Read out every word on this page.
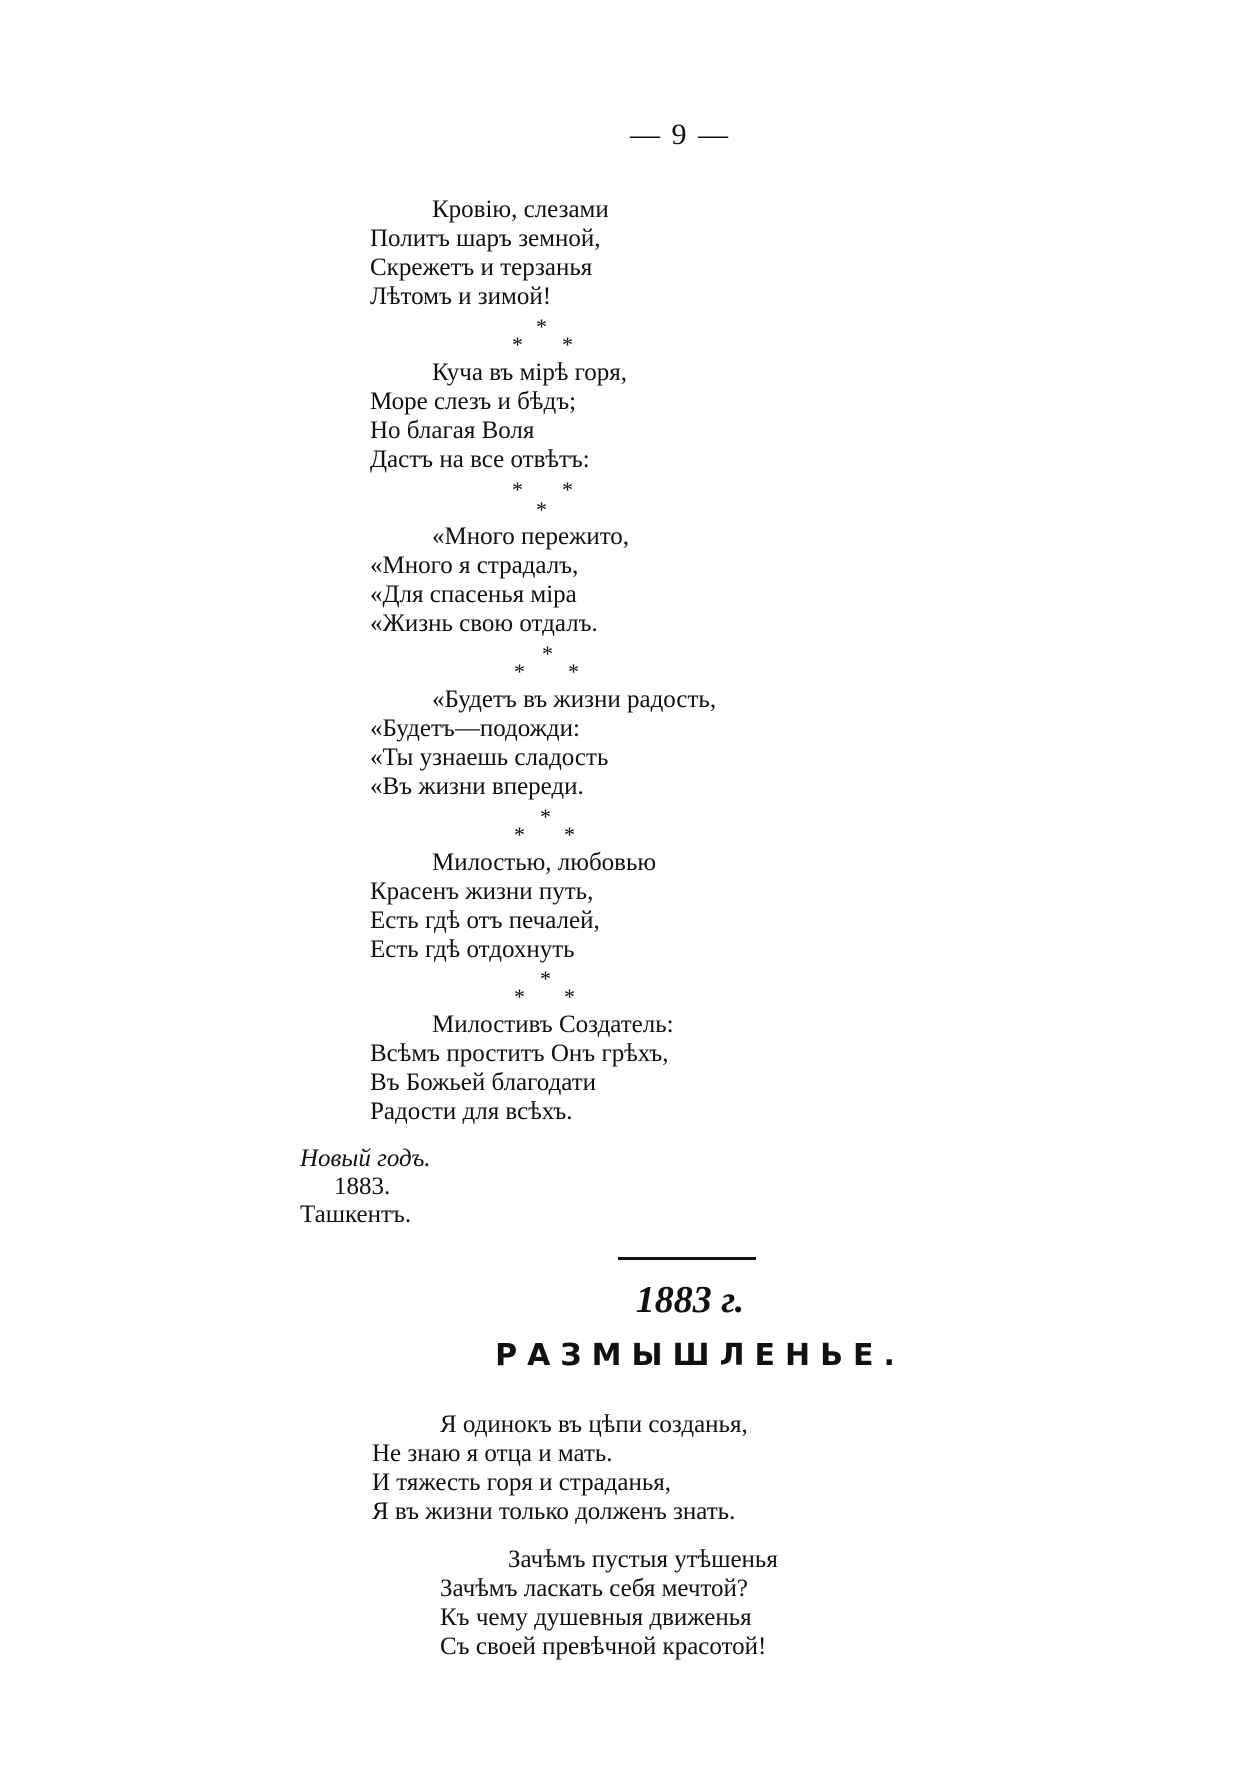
— 9 —
Кровiю, слезами
Политъ шаръ земной,
Скрежетъ и терзанья
Лѣтомъ и зимой!
*
* *
Куча въ мiрѣ горя,
Море слезъ и бѣдъ;
Но благая Воля
Дастъ на все отвѣтъ:
* *
*
«Много пережито,
«Много я страдалъ,
«Для спасенья мiра
«Жизнь свою отдалъ.
*
* *
«Будетъ въ жизни радость,
«Будетъ—подожди:
«Ты узнаешь сладость
«Въ жизни впереди.
*
* *
Милостью, любовью
Красенъ жизни путь,
Есть гдѣ отъ печалей,
Есть гдѣ отдохнуть
*
* *
Милостивъ Создатель:
Всѣмъ проститъ Онъ грѣхъ,
Въ Божьей благодати
Радости для всѣхъ.
Новый годъ.
1883.
Ташкентъ.
1883 г.
РАЗМЫШЛЕНЬЕ.
Я одинокъ въ цѣпи созданья,
Не знаю я отца и мать.
И тяжесть горя и страданья,
Я въ жизни только долженъ знать.
Зачѣмъ пустыя утѣшенья
Зачѣмъ ласкать себя мечтой?
Къ чему душевныя движенья
Съ своей превѣчной красотой!
